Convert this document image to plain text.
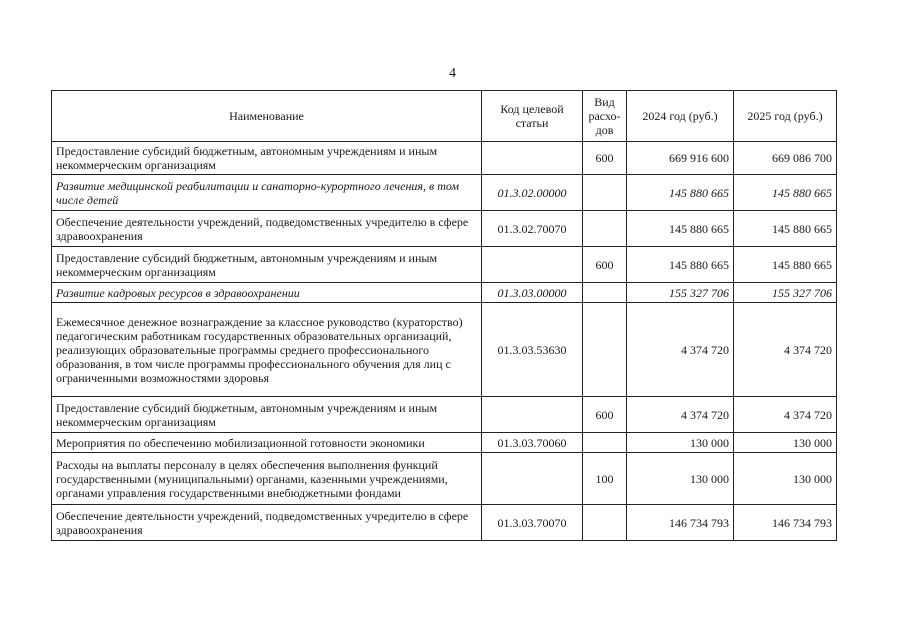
4
Наименование	Код целевой статьи	Вид расхо-дов	2024 год (руб.)	2025 год (руб.)
Предоставление субсидий бюджетным, автономным учреждениям и иным некоммерческим организациям		600	669 916 600	669 086 700
Развитие медицинской реабилитации и санаторно-курортного лечения, в том числе детей	01.3.02.00000		145 880 665	145 880 665
Обеспечение деятельности учреждений, подведомственных учредителю в сфере здравоохранения	01.3.02.70070		145 880 665	145 880 665
Предоставление субсидий бюджетным, автономным учреждениям и иным некоммерческим организациям		600	145 880 665	145 880 665
Развитие кадровых ресурсов в здравоохранении	01.3.03.00000		155 327 706	155 327 706
Ежемесячное денежное вознаграждение за классное руководство (кураторство) педагогическим работникам государственных образовательных организаций, реализующих образовательные программы среднего профессионального образования, в том числе программы профессионального обучения для лиц с ограниченными возможностями здоровья	01.3.03.53630		4 374 720	4 374 720
Предоставление субсидий бюджетным, автономным учреждениям и иным некоммерческим организациям		600	4 374 720	4 374 720
Мероприятия по обеспечению мобилизационной готовности экономики	01.3.03.70060		130 000	130 000
Расходы на выплаты персоналу в целях обеспечения выполнения функций государственными (муниципальными) органами, казенными учреждениями, органами управления государственными внебюджетными фондами		100	130 000	130 000
Обеспечение деятельности учреждений, подведомственных учредителю в сфере здравоохранения	01.3.03.70070		146 734 793	146 734 793
